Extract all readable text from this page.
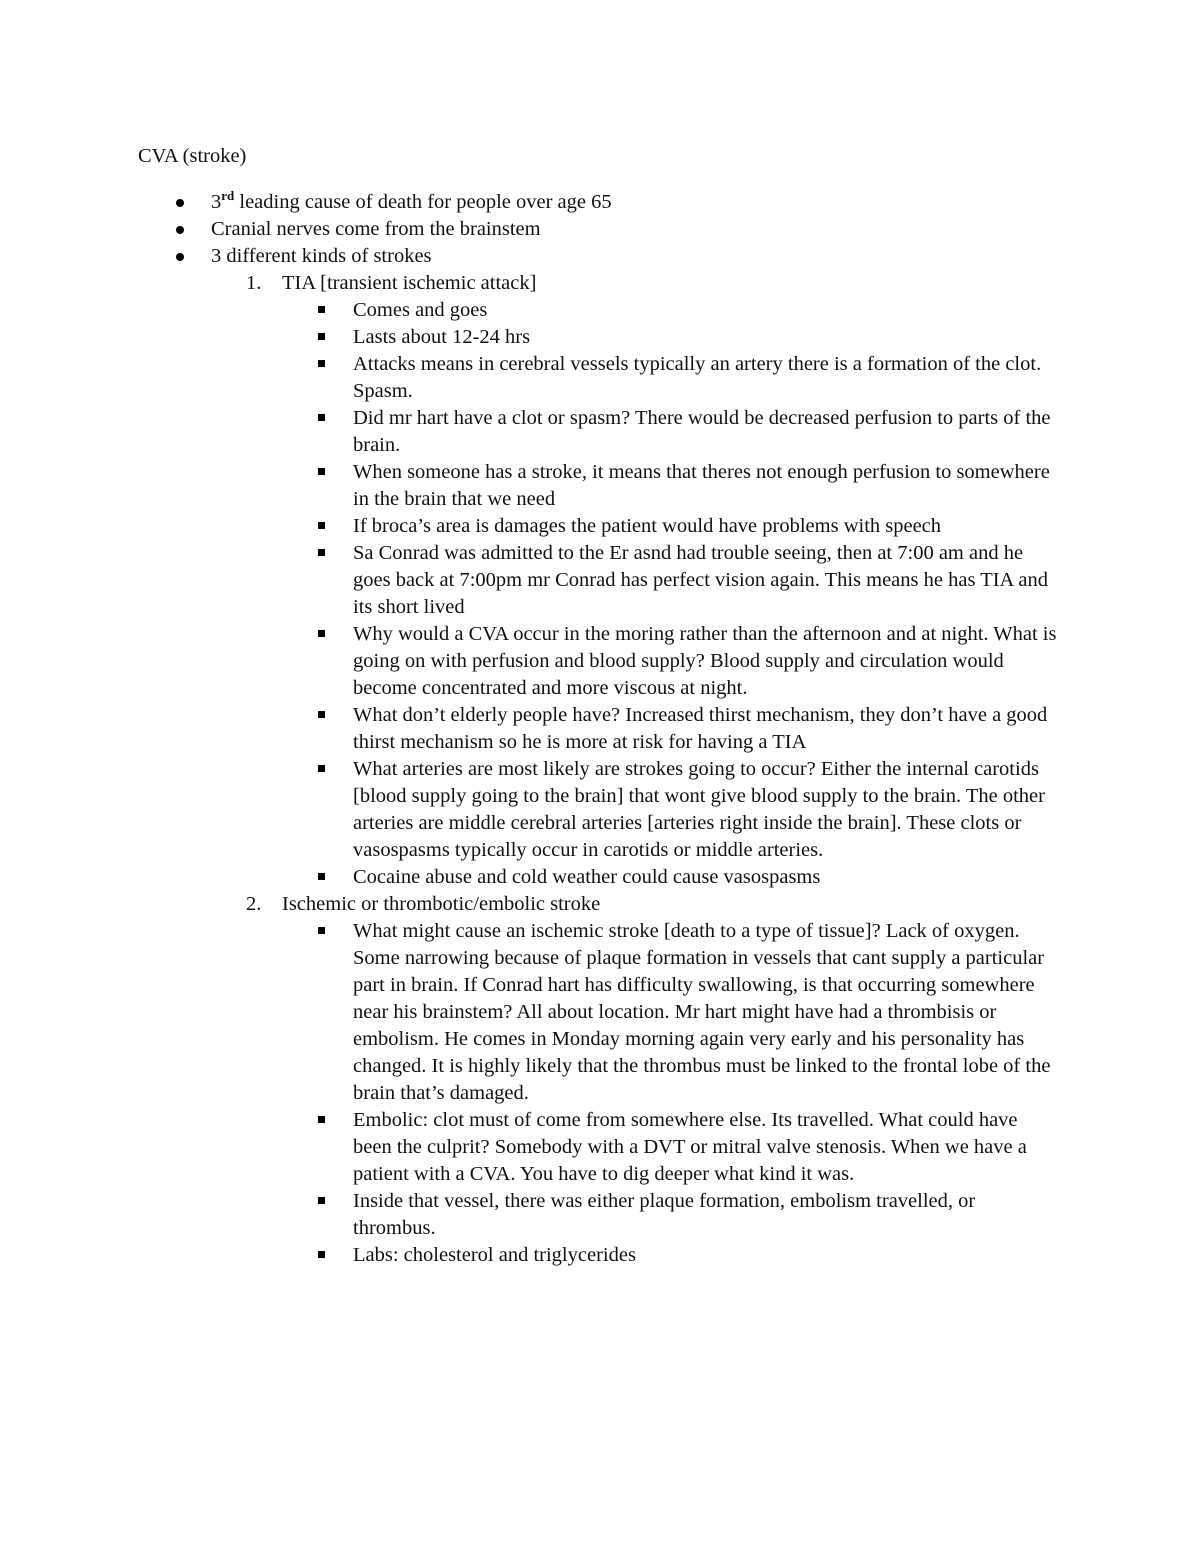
CVA (stroke)
3rd leading cause of death for people over age 65
Cranial nerves come from the brainstem
3 different kinds of strokes
1. TIA [transient ischemic attack]
Comes and goes
Lasts about 12-24 hrs
Attacks means in cerebral vessels typically an artery there is a formation of the clot. Spasm.
Did mr hart have a clot or spasm? There would be decreased perfusion to parts of the brain.
When someone has a stroke, it means that theres not enough perfusion to somewhere in the brain that we need
If broca’s area is damages the patient would have problems with speech
Sa Conrad was admitted to the Er asnd had trouble seeing, then at 7:00 am and he goes back at 7:00pm mr Conrad has perfect vision again. This means he has TIA and its short lived
Why would a CVA occur in the moring rather than the afternoon and at night. What is going on with perfusion and blood supply? Blood supply and circulation would become concentrated and more viscous at night.
What don’t elderly people have? Increased thirst mechanism, they don’t have a good thirst mechanism so he is more at risk for having a TIA
What arteries are most likely are strokes going to occur? Either the internal carotids [blood supply going to the brain] that wont give blood supply to the brain. The other arteries are middle cerebral arteries [arteries right inside the brain]. These clots or vasospasms typically occur in carotids or middle arteries.
Cocaine abuse and cold weather could cause vasospasms
2. Ischemic or thrombotic/embolic stroke
What might cause an ischemic stroke [death to a type of tissue]? Lack of oxygen. Some narrowing because of plaque formation in vessels that cant supply a particular part in brain. If Conrad hart has difficulty swallowing, is that occurring somewhere near his brainstem? All about location. Mr hart might have had a thrombisis or embolism. He comes in Monday morning again very early and his personality has changed. It is highly likely that the thrombus must be linked to the frontal lobe of the brain that’s damaged.
Embolic: clot must of come from somewhere else. Its travelled. What could have been the culprit? Somebody with a DVT or mitral valve stenosis. When we have a patient with a CVA. You have to dig deeper what kind it was.
Inside that vessel, there was either plaque formation, embolism travelled, or thrombus.
Labs: cholesterol and triglycerides
